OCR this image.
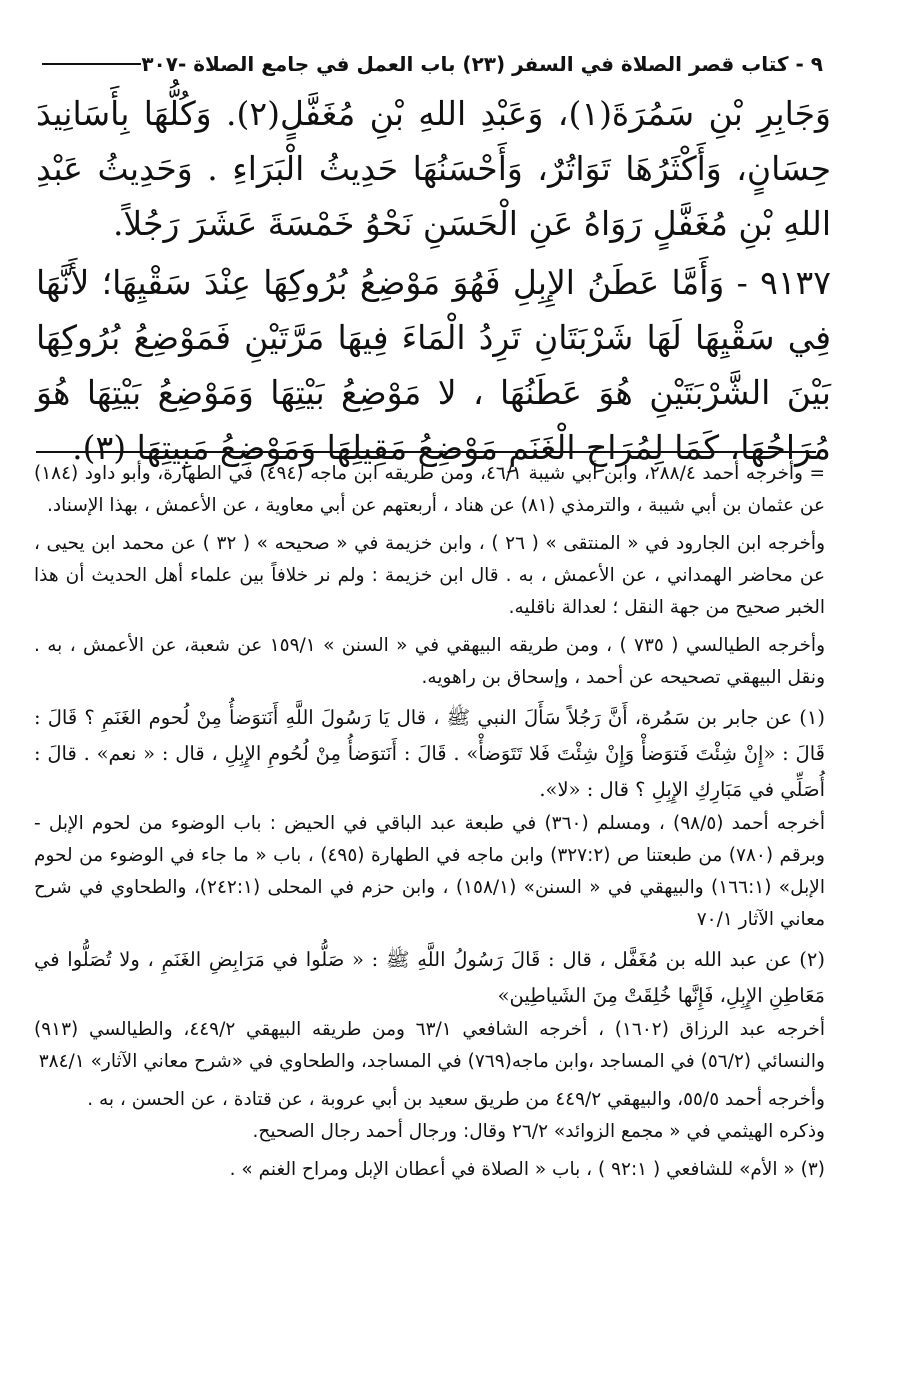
٩ - كتاب قصر الصلاة في السفر (٢٣) باب العمل في جامع الصلاة -٣٠٧

وَجَابِرِ بْنِ سَمُرَةَ(١)، وَعَبْدِ اللهِ بْنِ مُغَفَّلٍ(٢). وَكُلُّهَا بِأَسَانِيدَ حِسَانٍ، وَأَكْثَرُهَا تَوَاتُرٌ، وَأَحْسَنُهَا حَدِيثُ الْبَرَاءِ . وَحَدِيثُ عَبْدِ اللهِ بْنِ مُغَفَّلٍ رَوَاهُ عَنِ الْحَسَنِ نَحْوُ خَمْسَةَ عَشَرَ رَجُلاً.

٩١٣٧ - وَأَمَّا عَطَنُ الإِبِلِ فَهُوَ مَوْضِعُ بُرُوكِهَا عِنْدَ سَقْيِهَا؛ لأَنَّهَا فِي سَقْيِهَا لَهَا شَرْبَتَانِ تَرِدُ الْمَاءَ فِيهَا مَرَّتَيْنِ فَمَوْضِعُ بُرُوكِهَا بَيْنَ الشَّرْبَتَيْنِ هُوَ عَطَنُهَا ، لا مَوْضِعُ بَيْتِهَا وَمَوْضِعُ بَيْتِهَا هُوَ مُرَاحُهَا، كَمَا لِمُرَاحِ الْغَنَمِ مَوْضِعُ مَقِيلِهَا وَمَوْضِعُ مَبِيتِهَا (٣).

= وأخرجه أحمد ٢٨٨/٤، وابن أبي شيبة ٤٦/١، ومن طريقه ابن ماجه (٤٩٤) في الطهارة، وأبو داود (١٨٤) عن عثمان بن أبي شيبة ، والترمذي (٨١) عن هناد ، أربعتهم عن أبي معاوية ، عن الأعمش ، بهذا الإسناد.

وأخرجه ابن الجارود في « المنتقى » ( ٢٦ ) ، وابن خزيمة في « صحيحه » ( ٣٢ ) عن محمد ابن يحيى ، عن محاضر الهمداني ، عن الأعمش ، به . قال ابن خزيمة : ولم نر خلافاً بين علماء أهل الحديث أن هذا الخبر صحيح من جهة النقل ؛ لعدالة ناقليه.

وأخرجه الطيالسي ( ٧٣٥ ) ، ومن طريقه البيهقي في « السنن » ١٥٩/١ عن شعبة، عن الأعمش ، به . ونقل البيهقي تصحيحه عن أحمد ، وإسحاق بن راهويه.

(١) عن جابر بن سَمُرة، أَنَّ رَجُلاً سَأَلَ النبي ﷺ ، قال يَا رَسُولَ اللَّهِ أَنَتوَضأُ مِنْ لُحوم الغَنَمِ ؟ قَالَ : قَالَ : «إِنْ شِئْتَ فَتوَضأْ وَإِنْ شِئْتَ فَلا تَتَوَضأْ» . قَالَ : أَنَتوَضأُ مِنْ لُحُومِ الإِبِلِ ، قال : « نعم» . قالَ : أُصَلِّي في مَبَارِكِ الإِبِلِ ؟ قال : «لا».

أخرجه أحمد (٩٨/٥) ، ومسلم (٣٦٠) في طبعة عبد الباقي في الحيض : باب الوضوء من لحوم الإبل - وبرقم (٧٨٠) من طبعتنا ص (٣٢٧:٢) وابن ماجه في الطهارة (٤٩٥) ، باب « ما جاء في الوضوء من لحوم الإبل» (١٦٦:١) والبيهقي في « السنن» (١٥٨/١) ، وابن حزم في المحلى (٢٤٢:١)، والطحاوي في شرح معاني الآثار ٧٠/١

(٢) عن عبد الله بن مُغَفَّل ، قال : قَالَ رَسُولُ اللَّهِ ﷺ : « صَلُّوا في مَرَابِضِ الغَنَمِ ، ولا تُصَلُّوا في مَعَاطِنِ الإِبِلِ، فَإِنَّها خُلِقَتْ مِنَ الشَياطِين»

أخرجه عبد الرزاق (١٦٠٢) ، أخرجه الشافعي ٦٣/١ ومن طريقه البيهقي ٤٤٩/٢، والطيالسي (٩١٣) والنسائي (٥٦/٢) في المساجد ،وابن ماجه(٧٦٩) في المساجد، والطحاوي في «شرح معاني الآثار» ٣٨٤/١

وأخرجه أحمد ٥٥/٥، والبيهقي ٤٤٩/٢ من طريق سعيد بن أبي عروبة ، عن قتادة ، عن الحسن ، به .

وذكره الهيثمي في « مجمع الزوائد» ٢٦/٢ وقال: ورجال أحمد رجال الصحيح.

(٣) « الأم» للشافعي ( ٩٢:١ ) ، باب « الصلاة في أعطان الإبل ومراح الغنم » .
